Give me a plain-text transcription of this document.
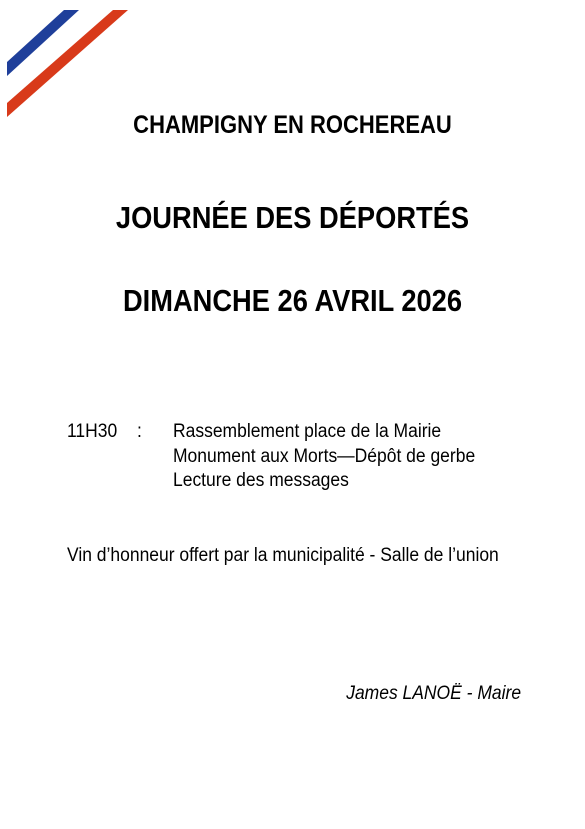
CHAMPIGNY EN ROCHEREAU
JOURNÉE DES DÉPORTÉS
DIMANCHE 26 AVRIL 2026
11H30 : Rassemblement place de la Mairie
Monument aux Morts—Dépôt de gerbe
Lecture des messages
Vin d’honneur offert par la municipalité - Salle de l’union
James LANOË - Maire
